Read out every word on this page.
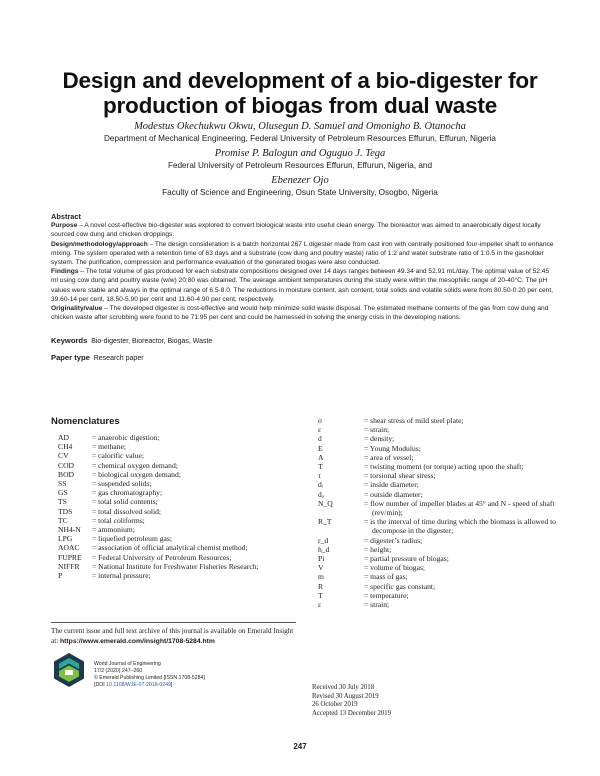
Design and development of a bio-digester for production of biogas from dual waste
Modestus Okechukwu Okwu, Olusegun D. Samuel and Omonigho B. Otanocha
Department of Mechanical Engineering, Federal University of Petroleum Resources Effurun, Effurun, Nigeria
Promise P. Balogun and Oguguo J. Tega
Federal University of Petroleum Resources Effurun, Effurun, Nigeria, and
Ebenezer Ojo
Faculty of Science and Engineering, Osun State University, Osogbo, Nigeria
Abstract

Purpose – A novel cost-effective bio-digester was explored to convert biological waste into useful clean energy. The bioreactor was aimed to anaerobically digest locally sourced cow dung and chicken droppings.

Design/methodology/approach – The design consideration is a batch horizontal 267 L digester made from cast iron with centrally positioned four-impeller shaft to enhance mixing. The system operated with a retention time of 63 days and a substrate (cow dung and poultry waste) ratio of 1:2 and water substrate ratio of 1:0.5 in the gasholder system. The purification, compression and performance evaluation of the generated biogas were also conducted.

Findings – The total volume of gas produced for each substrate compositions designed over 14 days ranges between 49.34 and 52.91 mL/day. The optimal value of 52.45 ml using cow dung and poultry waste (w/w) 20:80 was obtained. The average ambient temperatures during the study were within the mesophilic range of 20-40°C. The pH values were stable and always in the optimal range of 6.5-8.0. The reductions in moisture content, ash content, total solids and volatile solids were from 80.50-0.20 per cent, 39.60-14 per cent, 18.50-5.90 per cent and 11.60-4.90 per cent, respectively.

Originality/value – The developed digester is cost-effective and would help minimize solid waste disposal. The estimated methane contents of the gas from cow dung and chicken waste after scrubbing were found to be 71.95 per cent and could be harnessed in solving the energy crisis in the developing nations.

Keywords Bio-digester, Bioreactor, Biogas, Waste
Paper type Research paper
Nomenclatures
AD	= anaerobic digestion;
CH4	= methane;
CV	= calorific value;
COD	= chemical oxygen demand;
BOD	= biological oxygen demand;
SS	= suspended solids;
GS	= gas chromatography;
TS	= total solid contents;
TDS	= total dissolved solid;
TC	= total coliforms;
NH4-N	= ammonium;
LPG	= liquefied petroleum gas;
AOAC	= association of official analytical chemist method;
FUPRE	= Federal University of Petroleum Resources;
NIFFR	= National Institute for Freshwater Fisheries Research;
P	= internal pressure;
σ	= shear stress of mild steel plate;
ε	= strain;
d	= density;
E	= Young Modulus;
A	= area of vessel;
T	= twisting moment (or torque) acting upon the shaft;
τ	= torsional shear stress;
dᵢ	= inside diameter;
dₒ	= outside diameter;
N_Q	= flow number of impeller blades at 45° and N - speed of shaft (rev/min);
R_T	= is the interval of time during which the biomass is allowed to decompose in the digester;
r_d	= digester’s radius;
h_d	= height;
Pi	= partial pressure of biogas;
V	= volume of biogas;
m	= mass of gas;
R	= specific gas constant;
T	= temperature;
ε	= strain;
The current issue and full text archive of this journal is available on Emerald Insight at: https://www.emerald.com/insight/1708-5284.htm
World Journal of Engineering
17/2 (2020) 247–260
© Emerald Publishing Limited [ISSN 1708-5284]
[DOI 10.1108/WJE-07-2018-0249]	Received 30 July 2018
Revised 30 August 2019
26 October 2019
Accepted 13 December 2019
247
